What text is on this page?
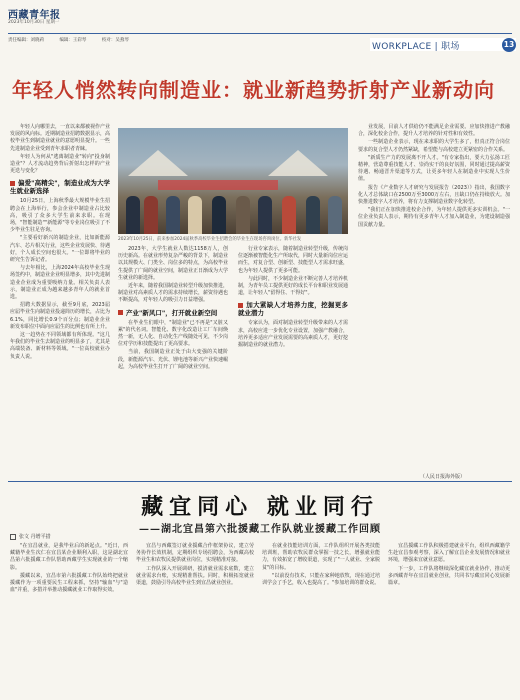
西藏青年报
2023年10月30日 星期一
责任编辑：刘晓莉	编辑：王彩琴	校对：吴燕琴
WORKPLACE | 职场	13
年轻人悄然转向制造业：就业新趋势折射产业新动向

年轻人向哪里去，一直以来都被视作产业发展的风向标。近期制造业招聘数据显示，高校毕业生到制造业就业的意愿明显提升。一些先进制造企业受到青年求职者青睐。

年轻人为何从"逃离制造业"转向"投身制造业"？人才流动趋势背后折射出怎样的产业更迭与变化？

偏爱"高精尖"，制造业成为大学生就业新选择

10月25日，上海秋季最大规模毕业生招聘会在上海举行，参会企业中制造业占比较高，吸引了众多大学生前来求职。在现场，"智能制造""新能源"等专业岗位吸引了不少毕业生驻足咨询。

"主要看好新兴的制造企业，比如新能源汽车、芯片相关行业，这些企业发展快、待遇好，个人成长空间也很大。"一位即将毕业的研究生告诉记者。

与去年相比，上海2024年高校毕业生现场签约中，制造业企业明显增多，其中先进制造业企业成为重要吸纳力量。相关负责人表示，制造业正成为越来越多青年人的就业首选。

招聘大数据显示，截至9月底，2023届应届毕业生向制造业投递简历的增长，占比为6.1%，同比增长0.9个百分点；制造业企业新发布职位中面向应届生的比例也有所上升。

这一趋势在不同领域都有所体现。"这几年我们的毕业生去制造业的明显多了，尤其是高端装备、新材料等领域。"一位高校就业办负责人说。

2023年10月25日，前来参加2024届秋季高校毕业生招聘会的毕业生在现场咨询岗位。新华社发

2023年，大学生就业人数达1158万人，创历史新高。在就业形势复杂严峻的背景下，制造业以其规模大、门类全、岗位多的特点，为高校毕业生提供了广阔的就业空间，制造业正日渐成为大学生就业的新选择。

近年来，随着我国制造业转型升级加快推进，制造业对高素质人才的需求持续增长，薪资待遇也不断提高，对年轻人的吸引力日益增强。

产业"新风口"，打开就业新空间

在毕业生们眼中，"制造业"已不再是"又脏又累"的代名词。智能化、数字化改造让工厂车间焕然一新，无人化、自动化生产线随处可见，不少岗位对学历和技能提出了更高要求。

当前，我国制造业正处于由大变强的关键阶段，新能源汽车、光伏、锂电池等新兴产业快速崛起，为高校毕业生打开了广阔的就业空间。

行业专家表示，随着制造业转型升级，传统岗位逐渐被智能化生产所取代，同时大量新岗位应运而生，对复合型、创新型、技能型人才需求旺盛，也为年轻人提供了更多可能。

与此同时，不少制造企业不断完善人才培养机制，为青年员工提供更好的成长平台和职业发展通道，让年轻人"留得住、干得好"。

加大紧缺人才培养力度，挖掘更多就业潜力

专家认为，面对制造业转型升级带来的人才需求，高校应进一步优化专业设置，加强产教融合，培养更多适应产业发展需要的高素质人才，更好挖掘制造业的就业潜力。

业发展，目前人才供给仍不能满足企业需要。应加快推进产教融合，深化校企合作，提升人才培养的针对性和有效性。

一些制造企业表示，现在来求职的大学生多了，但真正符合岗位要求的复合型人才仍然紧缺，希望能与高校建立更紧密的合作关系。

"新质生产力的发展离不开人才。"有专家指出，要大力弘扬工匠精神，营造尊重技能人才、崇尚实干的良好氛围，同时通过提高薪资待遇、畅通晋升渠道等方式，让更多年轻人在制造业中实现人生价值。

报告《产业数字人才研究与发展报告（2023）》指出，我国数字化人才总体缺口在2500万至3000万左右，且缺口仍在持续放大。加快推进数字人才培养，将有力支撑制造业数字化转型。

"我们正在加快推进校企合作，为年轻人提供更多实训机会。"一位企业负责人表示，期待有更多青年人才加入制造业，为建设制造强国贡献力量。

（人民日报海外版）
藏宜同心 就业同行
——湖北宜昌第六批援藏工作队就业援藏工作回顾
张文 丹增平措

"在宜昌就业，是我毕业后的新起点。"近日，西藏籍毕业生次仁在宜昌某企业顺利入职，这是湖北宜昌第六批援藏工作队帮助西藏学生实现就业的一个缩影。

援藏以来，宜昌市第六批援藏工作队始终把就业援藏作为一项重要民生工程来抓，坚持"输血"与"造血"并重，多措并举推动援藏就业工作取得实效。

宜昌与西藏签订就业援藏合作框架协议，建立劳务协作长效机制，定期组织专场招聘会，为西藏高校毕业生和农牧民提供就业岗位，实现精准对接。

工作队深入开展调研，摸清就业需求底数，建立就业需求台账，实现精准帮扶。同时，积极拓宽就业渠道，鼓励引导高校毕业生到宜昌就业创业。

在就业技能培训方面，工作队组织开展各类技能培训班，帮助农牧民群众掌握一技之长，增强就业能力，有效拓宽了增收渠道，实现了"一人就业、全家脱贫"的目标。

"以前没有技术，只能在家种地放牧，现在通过培训学会了手艺，收入也提高了。"参加培训的群众说。

宜昌援藏工作队积极搭建就业平台，组织西藏籍学生赴宜昌参观考察，深入了解宜昌企业发展情况和就业环境，增强来宜就业意愿。

下一步，工作队将继续深化藏宜就业协作，推动更多西藏青年在宜昌就业创业，共同书写藏宜同心发展新篇章。
